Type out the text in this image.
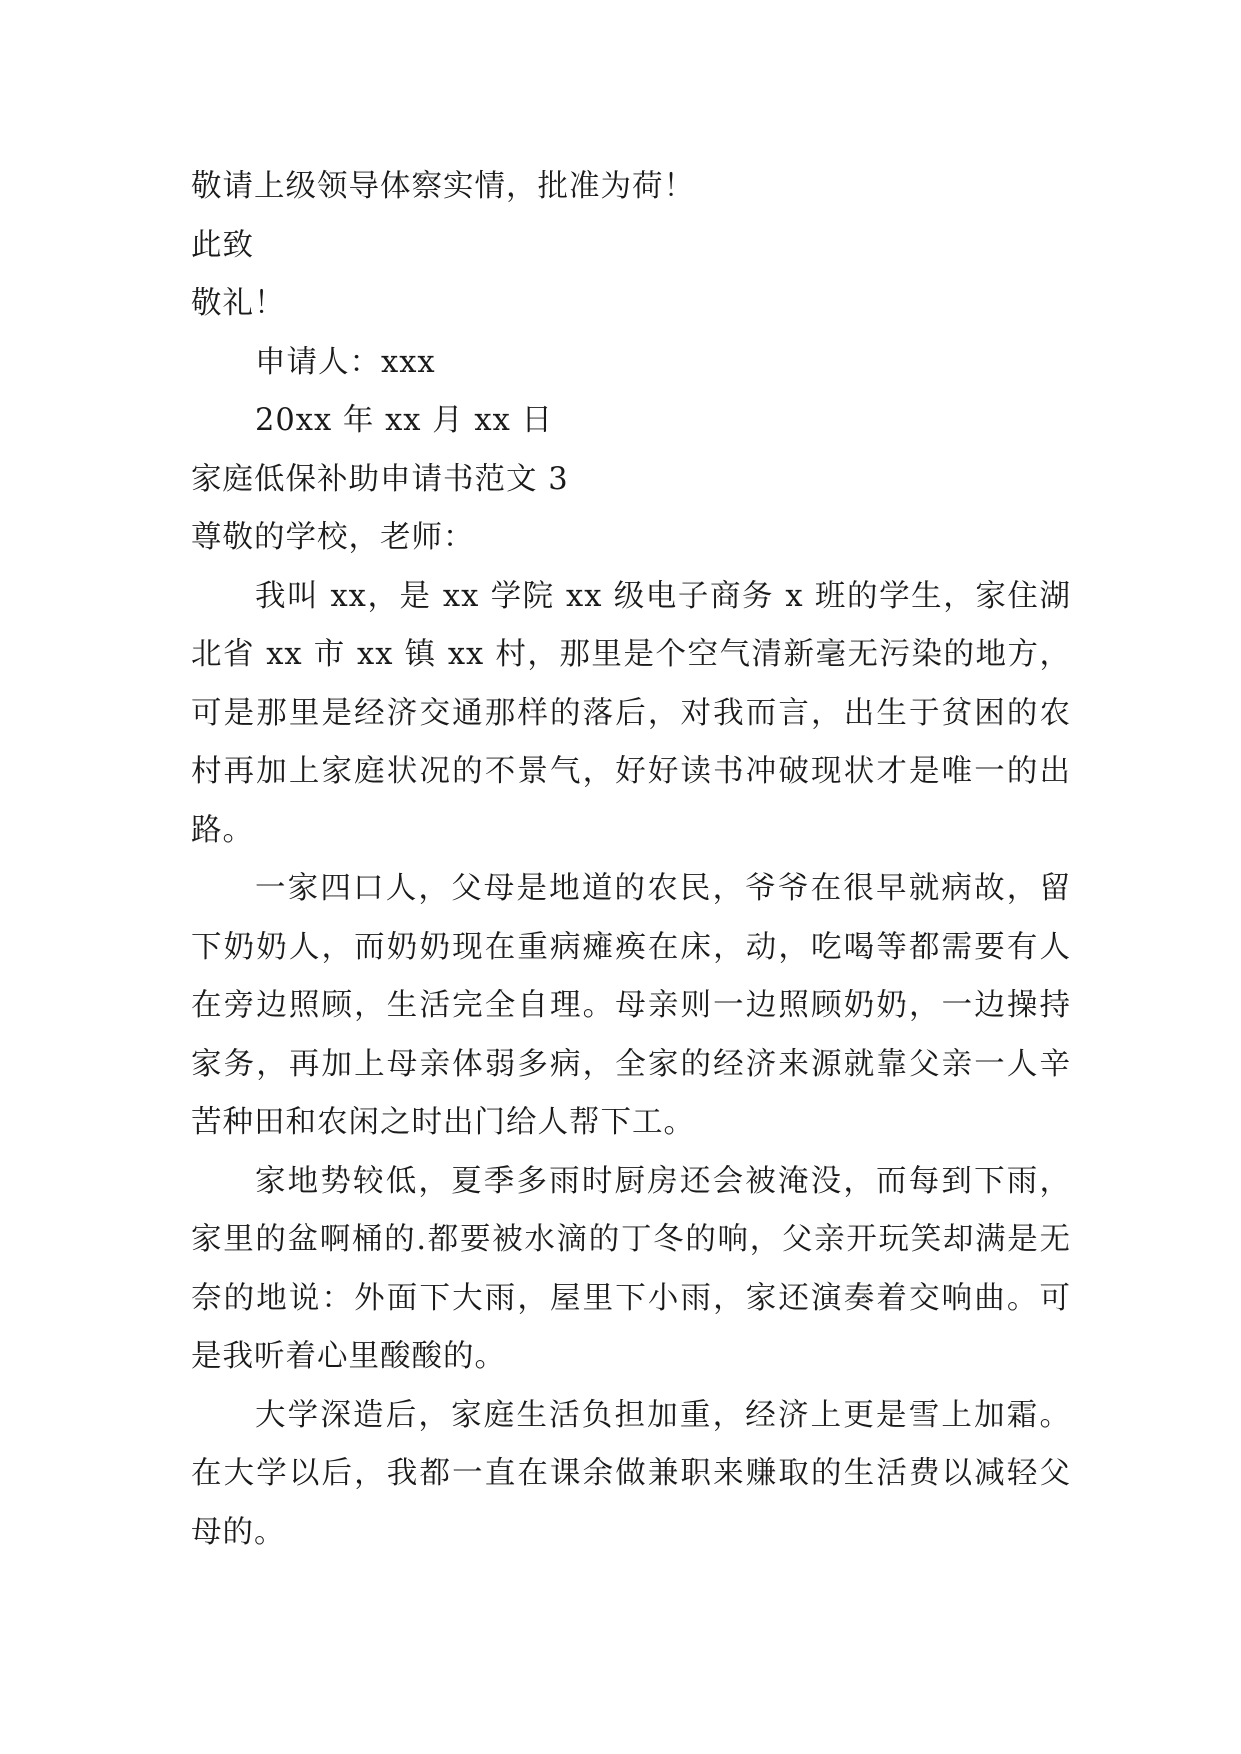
敬请上级领导体察实情，批准为荷！
此致
敬礼！
申请人：xxx
20xx 年 xx 月 xx 日
家庭低保补助申请书范文 3
尊敬的学校，老师：

我叫 xx，是 xx 学院 xx 级电子商务 x 班的学生，家住湖北省 xx 市 xx 镇 xx 村，那里是个空气清新毫无污染的地方，可是那里是经济交通那样的落后，对我而言，出生于贫困的农村再加上家庭状况的不景气，好好读书冲破现状才是唯一的出路。

一家四口人，父母是地道的农民，爷爷在很早就病故，留下奶奶人，而奶奶现在重病瘫痪在床，动，吃喝等都需要有人在旁边照顾，生活完全自理。母亲则一边照顾奶奶，一边操持家务，再加上母亲体弱多病，全家的经济来源就靠父亲一人辛苦种田和农闲之时出门给人帮下工。

家地势较低，夏季多雨时厨房还会被淹没，而每到下雨，家里的盆啊桶的.都要被水滴的丁冬的响，父亲开玩笑却满是无奈的地说：外面下大雨，屋里下小雨，家还演奏着交响曲。可是我听着心里酸酸的。

大学深造后，家庭生活负担加重，经济上更是雪上加霜。在大学以后，我都一直在课余做兼职来赚取的生活费以减轻父母的。
